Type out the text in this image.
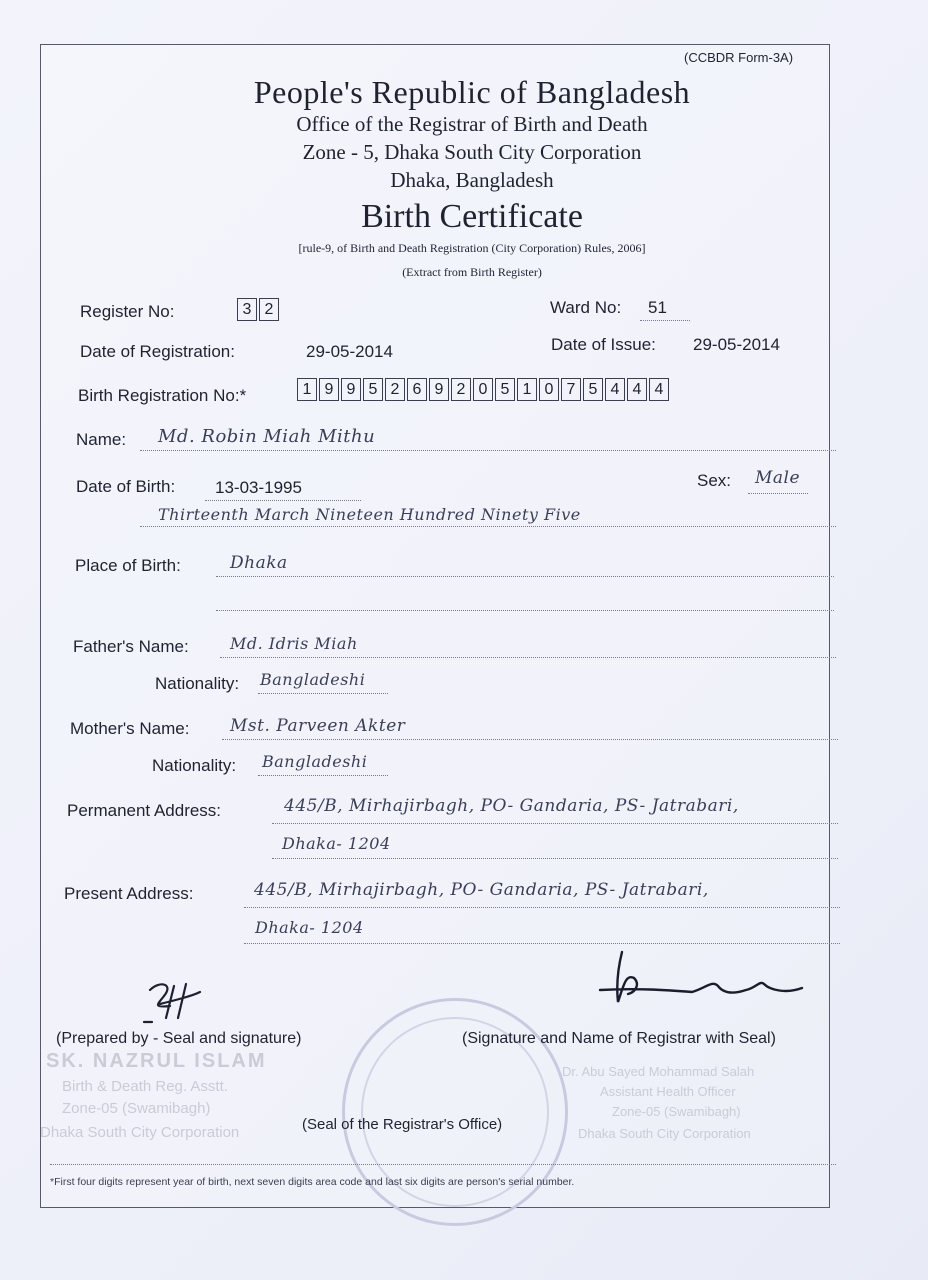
(CCBDR Form-3A)
People's Republic of Bangladesh
Office of the Registrar of Birth and Death
Zone - 5, Dhaka South City Corporation
Dhaka, Bangladesh
Birth Certificate
[rule-9, of Birth and Death Registration (City Corporation) Rules, 2006]
(Extract from Birth Register)
Register No:	3 2	Ward No: 51
Date of Registration:	29-05-2014	Date of Issue: 29-05-2014
Birth Registration No:*	1 9 9 5 2 6 9 2 0 5 1 0 7 5 4 4 4
Name: Md. Robin Miah Mithu
Date of Birth: 13-03-1995	Sex: Male
Thirteenth March Nineteen Hundred Ninety Five
Place of Birth:	Dhaka
Father's Name:	Md. Idris Miah
Nationality: Bangladeshi
Mother's Name: Mst. Parveen Akter
Nationality: Bangladeshi
Permanent Address:	445/B, Mirhajirbagh, PO- Gandaria, PS- Jatrabari,
Dhaka- 1204
Present Address:	445/B, Mirhajirbagh, PO- Gandaria, PS- Jatrabari,
Dhaka- 1204
(Prepared by - Seal and signature)	(Signature and Name of Registrar with Seal)
SK. NAZRUL ISLAM
Birth & Death Reg. Asstt.
Zone-05 (Swamibagh)
Dhaka South City Corporation
Dr. Abu Sayed Mohammad Salah
Assistant Health Officer
Zone-05 (Swamibagh)
Dhaka South City Corporation
(Seal of the Registrar's Office)
*First four digits represent year of birth, next seven digits area code and last six digits are person's serial number.
